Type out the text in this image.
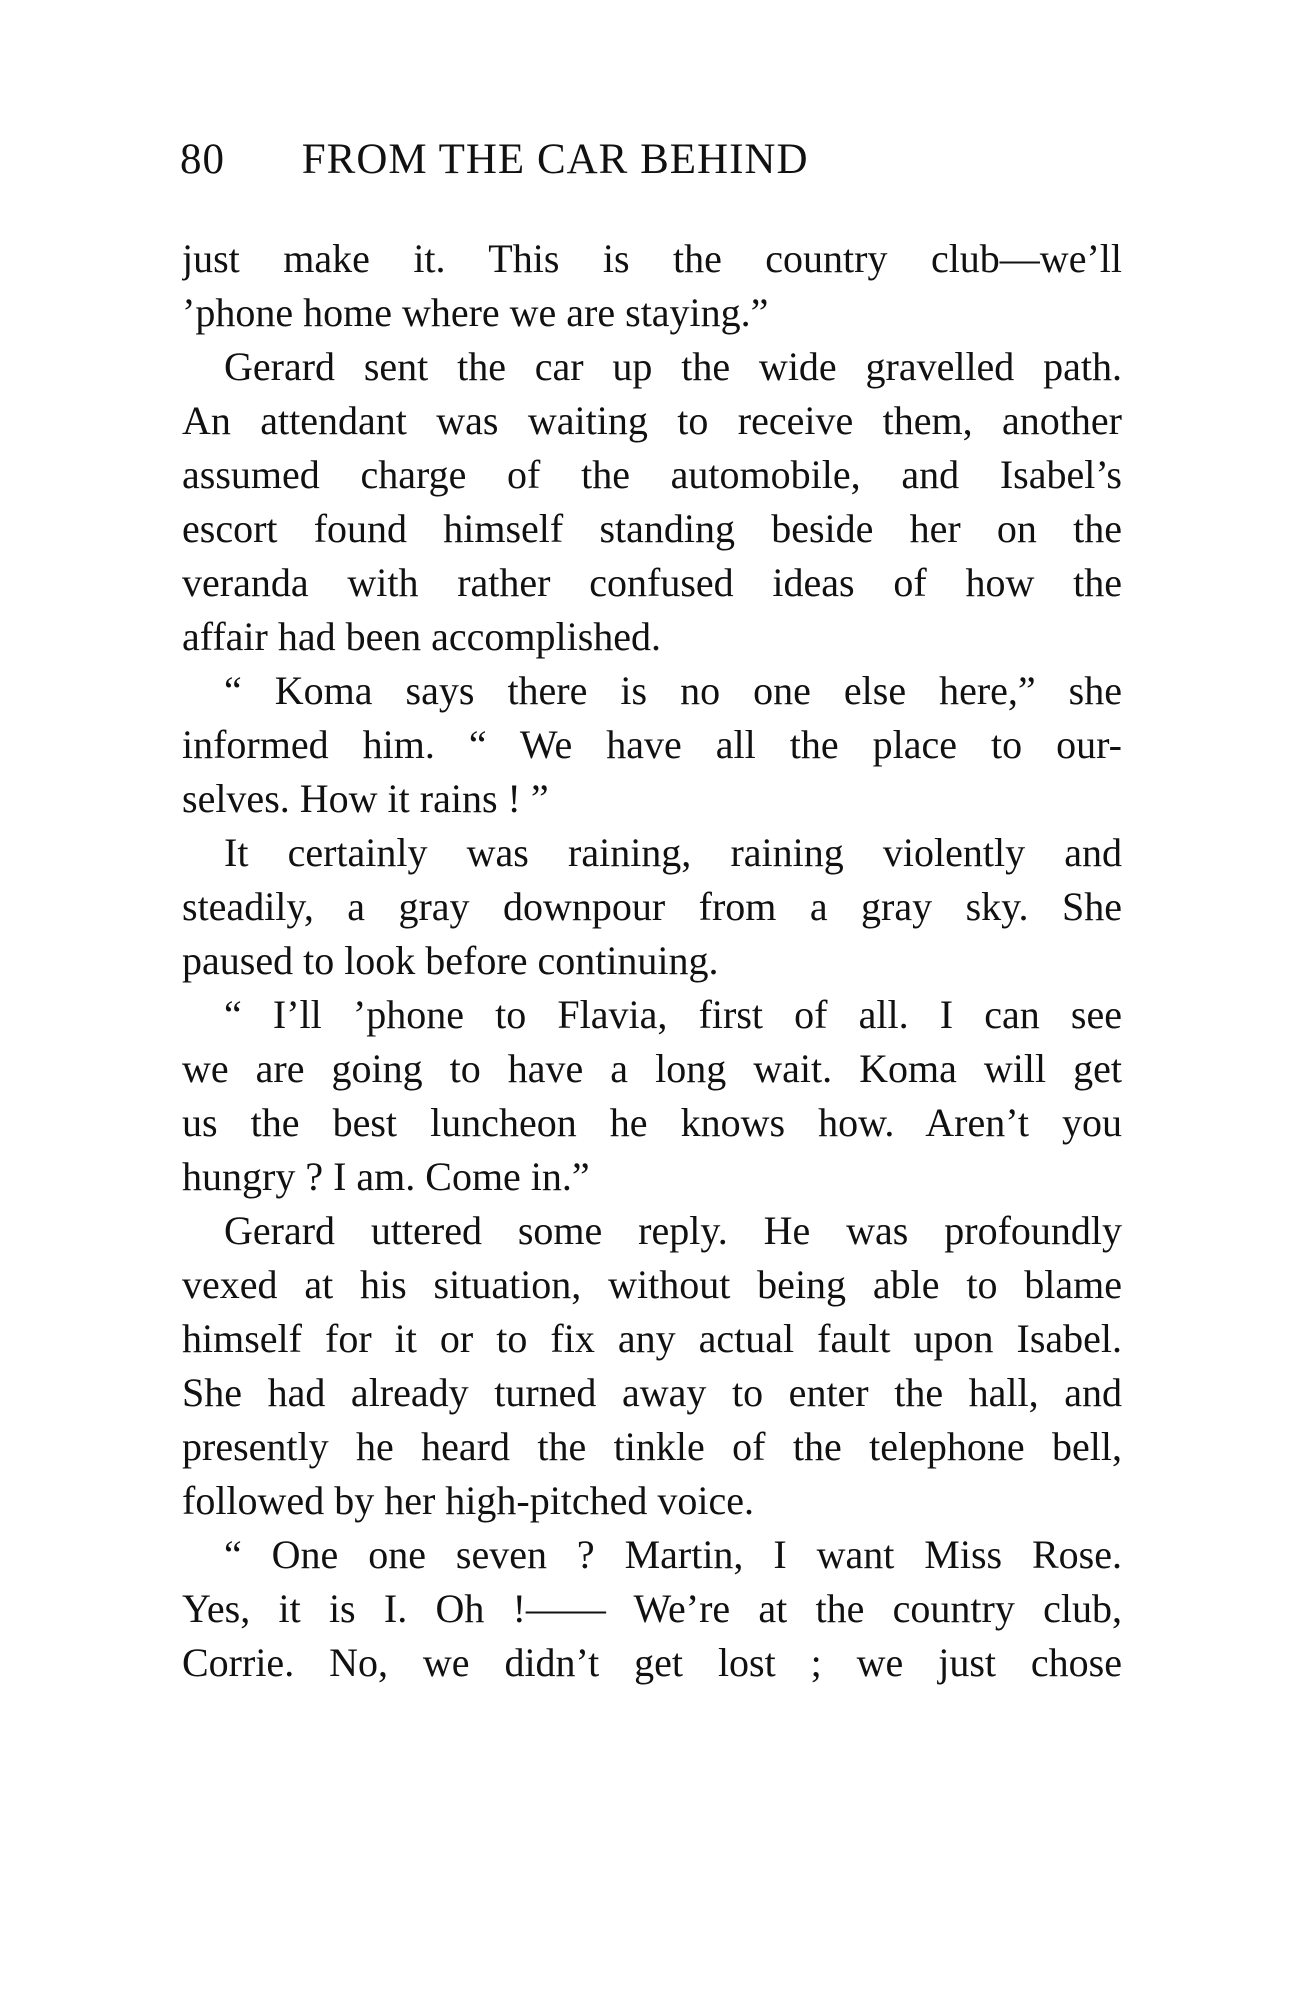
80 FROM THE CAR BEHIND
just make it. This is the country club—we’ll
’phone home where we are staying.”
Gerard sent the car up the wide gravelled path.
An attendant was waiting to receive them, another
assumed charge of the automobile, and Isabel’s
escort found himself standing beside her on the
veranda with rather confused ideas of how the
affair had been accomplished.
“ Koma says there is no one else here,” she
informed him. “ We have all the place to our-
selves. How it rains ! ”
It certainly was raining, raining violently and
steadily, a gray downpour from a gray sky. She
paused to look before continuing.
“ I’ll ’phone to Flavia, first of all. I can see
we are going to have a long wait. Koma will get
us the best luncheon he knows how. Aren’t you
hungry ? I am. Come in.”
Gerard uttered some reply. He was profoundly
vexed at his situation, without being able to blame
himself for it or to fix any actual fault upon Isabel.
She had already turned away to enter the hall, and
presently he heard the tinkle of the telephone bell,
followed by her high-pitched voice.
“ One one seven ? Martin, I want Miss Rose.
Yes, it is I. Oh !—— We’re at the country club,
Corrie. No, we didn’t get lost ; we just chose
